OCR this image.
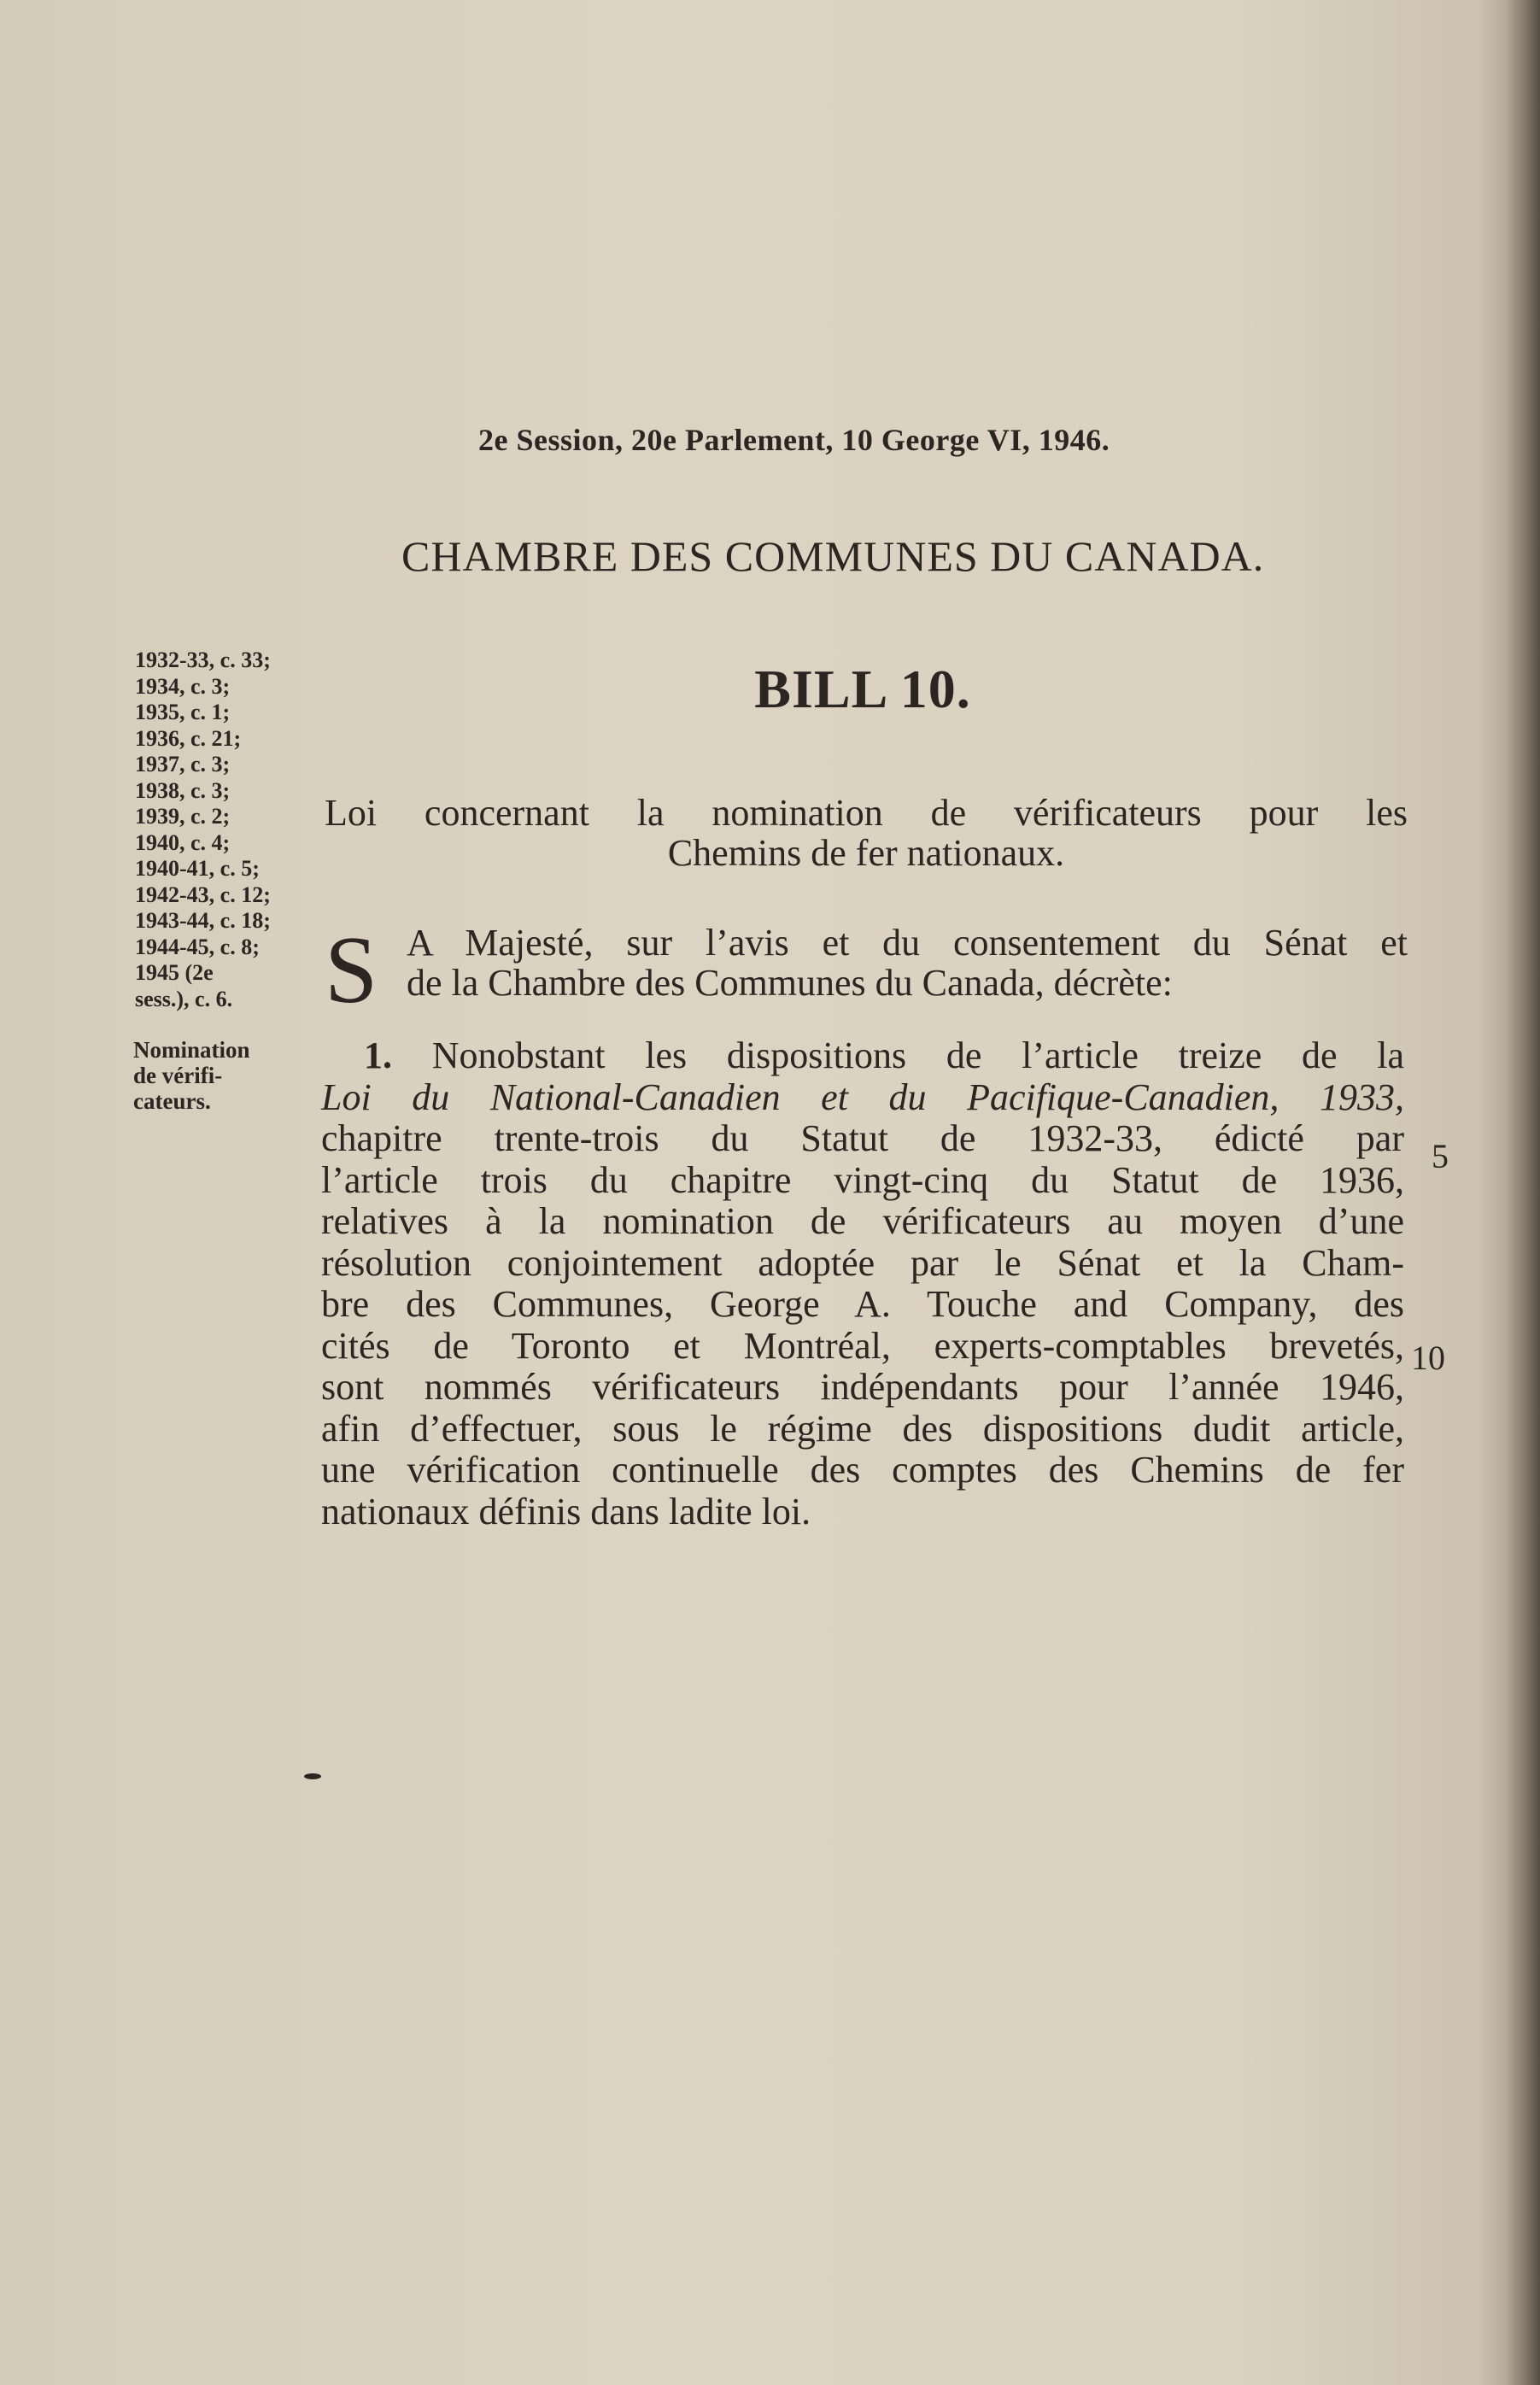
2e Session, 20e Parlement, 10 George VI, 1946.
CHAMBRE DES COMMUNES DU CANADA.
BILL 10.
1932-33, c. 33;
1934, c. 3;
1935, c. 1;
1936, c. 21;
1937, c. 3;
1938, c. 3;
1939, c. 2;
1940, c. 4;
1940-41, c. 5;
1942-43, c. 12;
1943-44, c. 18;
1944-45, c. 8;
1945 (2e
sess.), c. 6.
Nomination
de vérifi-
cateurs.
Loi concernant la nomination de vérificateurs pour les
Chemins de fer nationaux.
S A Majesté, sur l’avis et du consentement du Sénat et
de la Chambre des Communes du Canada, décrète:
1. Nonobstant les dispositions de l’article treize de la
Loi du National-Canadien et du Pacifique-Canadien, 1933,
chapitre trente-trois du Statut de 1932-33, édicté par
l’article trois du chapitre vingt-cinq du Statut de 1936,
relatives à la nomination de vérificateurs au moyen d’une
résolution conjointement adoptée par le Sénat et la Cham-
bre des Communes, George A. Touche and Company, des
cités de Toronto et Montréal, experts-comptables brevetés,
sont nommés vérificateurs indépendants pour l’année 1946,
afin d’effectuer, sous le régime des dispositions dudit article,
une vérification continuelle des comptes des Chemins de fer
nationaux définis dans ladite loi.
5
10
